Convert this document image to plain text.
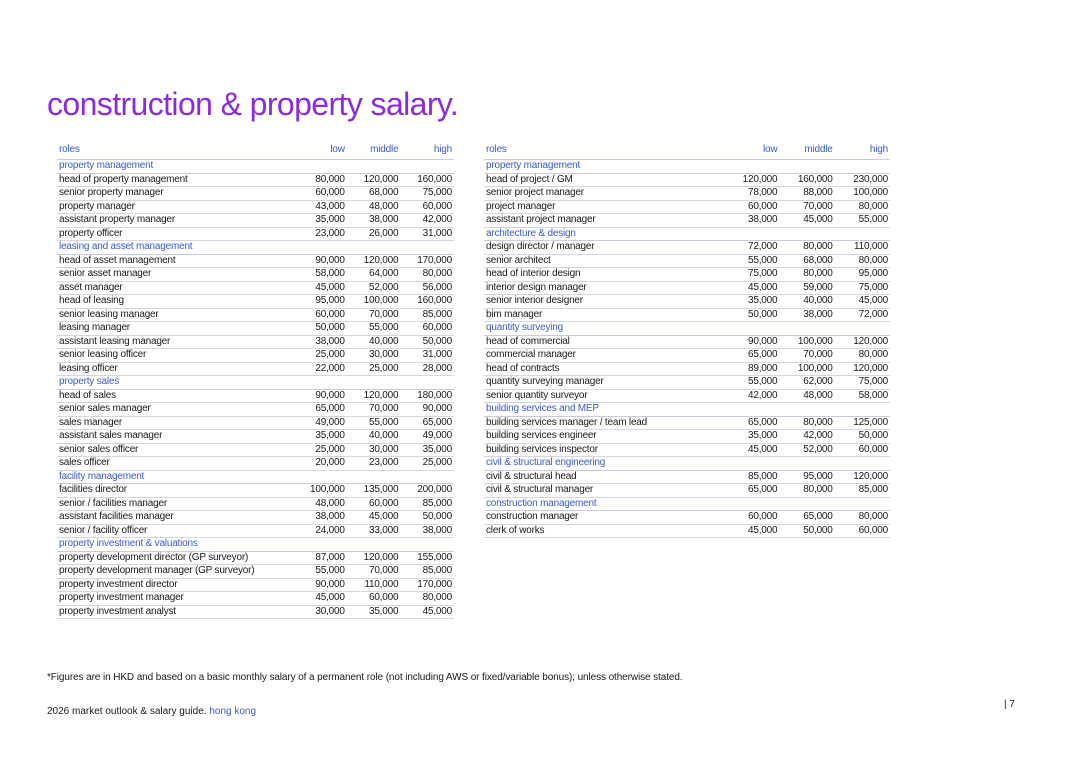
construction & property salary.
roles	low	middle	high
property management			
head of property management	80,000	120,000	160,000
senior property manager	60,000	68,000	75,000
property manager	43,000	48,000	60,000
assistant property manager	35,000	38,000	42,000
property officer	23,000	26,000	31,000
leasing and asset management			
head of asset management	90,000	120,000	170,000
senior asset manager	58,000	64,000	80,000
asset manager	45,000	52,000	56,000
head of leasing	95,000	100,000	160,000
senior leasing manager	60,000	70,000	85,000
leasing manager	50,000	55,000	60,000
assistant leasing manager	38,000	40,000	50,000
senior leasing officer	25,000	30,000	31,000
leasing officer	22,000	25,000	28,000
property sales			
head of sales	90,000	120,000	180,000
senior sales manager	65,000	70,000	90,000
sales manager	49,000	55,000	65,000
assistant sales manager	35,000	40,000	49,000
senior sales officer	25,000	30,000	35,000
sales officer	20,000	23,000	25,000
facility management			
facilities director	100,000	135,000	200,000
senior / facilities manager	48,000	60,000	85,000
assistant facilities manager	38,000	45,000	50,000
senior / facility officer	24,000	33,000	38,000
property investment & valuations			
property development director (GP surveyor)	87,000	120,000	155,000
property development manager (GP surveyor)	55,000	70,000	85,000
property investment director	90,000	110,000	170,000
property investment manager	45,000	60,000	80,000
property investment analyst	30,000	35,000	45,000
roles	low	middle	high
property management			
head of project / GM	120,000	160,000	230,000
senior project manager	78,000	88,000	100,000
project manager	60,000	70,000	80,000
assistant project manager	38,000	45,000	55,000
architecture & design			
design director / manager	72,000	80,000	110,000
senior architect	55,000	68,000	80,000
head of interior design	75,000	80,000	95,000
interior design manager	45,000	59,000	75,000
senior interior designer	35,000	40,000	45,000
bim manager	50,000	38,000	72,000
quantity surveying			
head of commercial	90,000	100,000	120,000
commercial manager	65,000	70,000	80,000
head of contracts	89,000	100,000	120,000
quantity surveying manager	55,000	62,000	75,000
senior quantity surveyor	42,000	48,000	58,000
building services and MEP			
building services manager / team lead	65,000	80,000	125,000
building services engineer	35,000	42,000	50,000
building services inspector	45,000	52,000	60,000
civil & structural engineering			
civil & structural head	85,000	95,000	120,000
civil & structural manager	65,000	80,000	85,000
construction management			
construction manager	60,000	65,000	80,000
clerk of works	45,000	50,000	60,000
*Figures are in HKD and based on a basic monthly salary of a permanent role (not including AWS or fixed/variable bonus); unless otherwise stated.
2026 market outlook & salary guide. hong kong
| 7
